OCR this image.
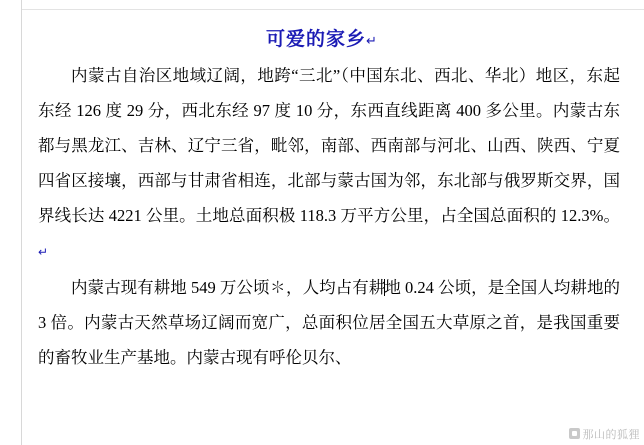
可爱的家乡↵

内蒙古自治区地域辽阔，地跨“三北”（中国东北、西北、华北）地区，东起东经 126 度 29 分，西北东经 97 度 10 分，东西直线距离 400 多公里。内蒙古东都与黑龙江、吉林、辽宁三省，毗邻，南部、西南部与河北、山西、陕西、宁夏四省区接壤，西部与甘肃省相连，北部与蒙古国为邻，东北部与俄罗斯交界，国界线长达 4221 公里。土地总面积极 118.3 万平方公里，占全国总面积的 12.3%。↵

内蒙古现有耕地 549 万公顷✽，人均占有耕地 0.24 公顷，是全国人均耕地的 3 倍。内蒙古天然草场辽阔而宽广，总面积位居全国五大草原之首，是我国重要的畜牧业生产基地。内蒙古现有呼伦贝尔、

那山的狐狸
